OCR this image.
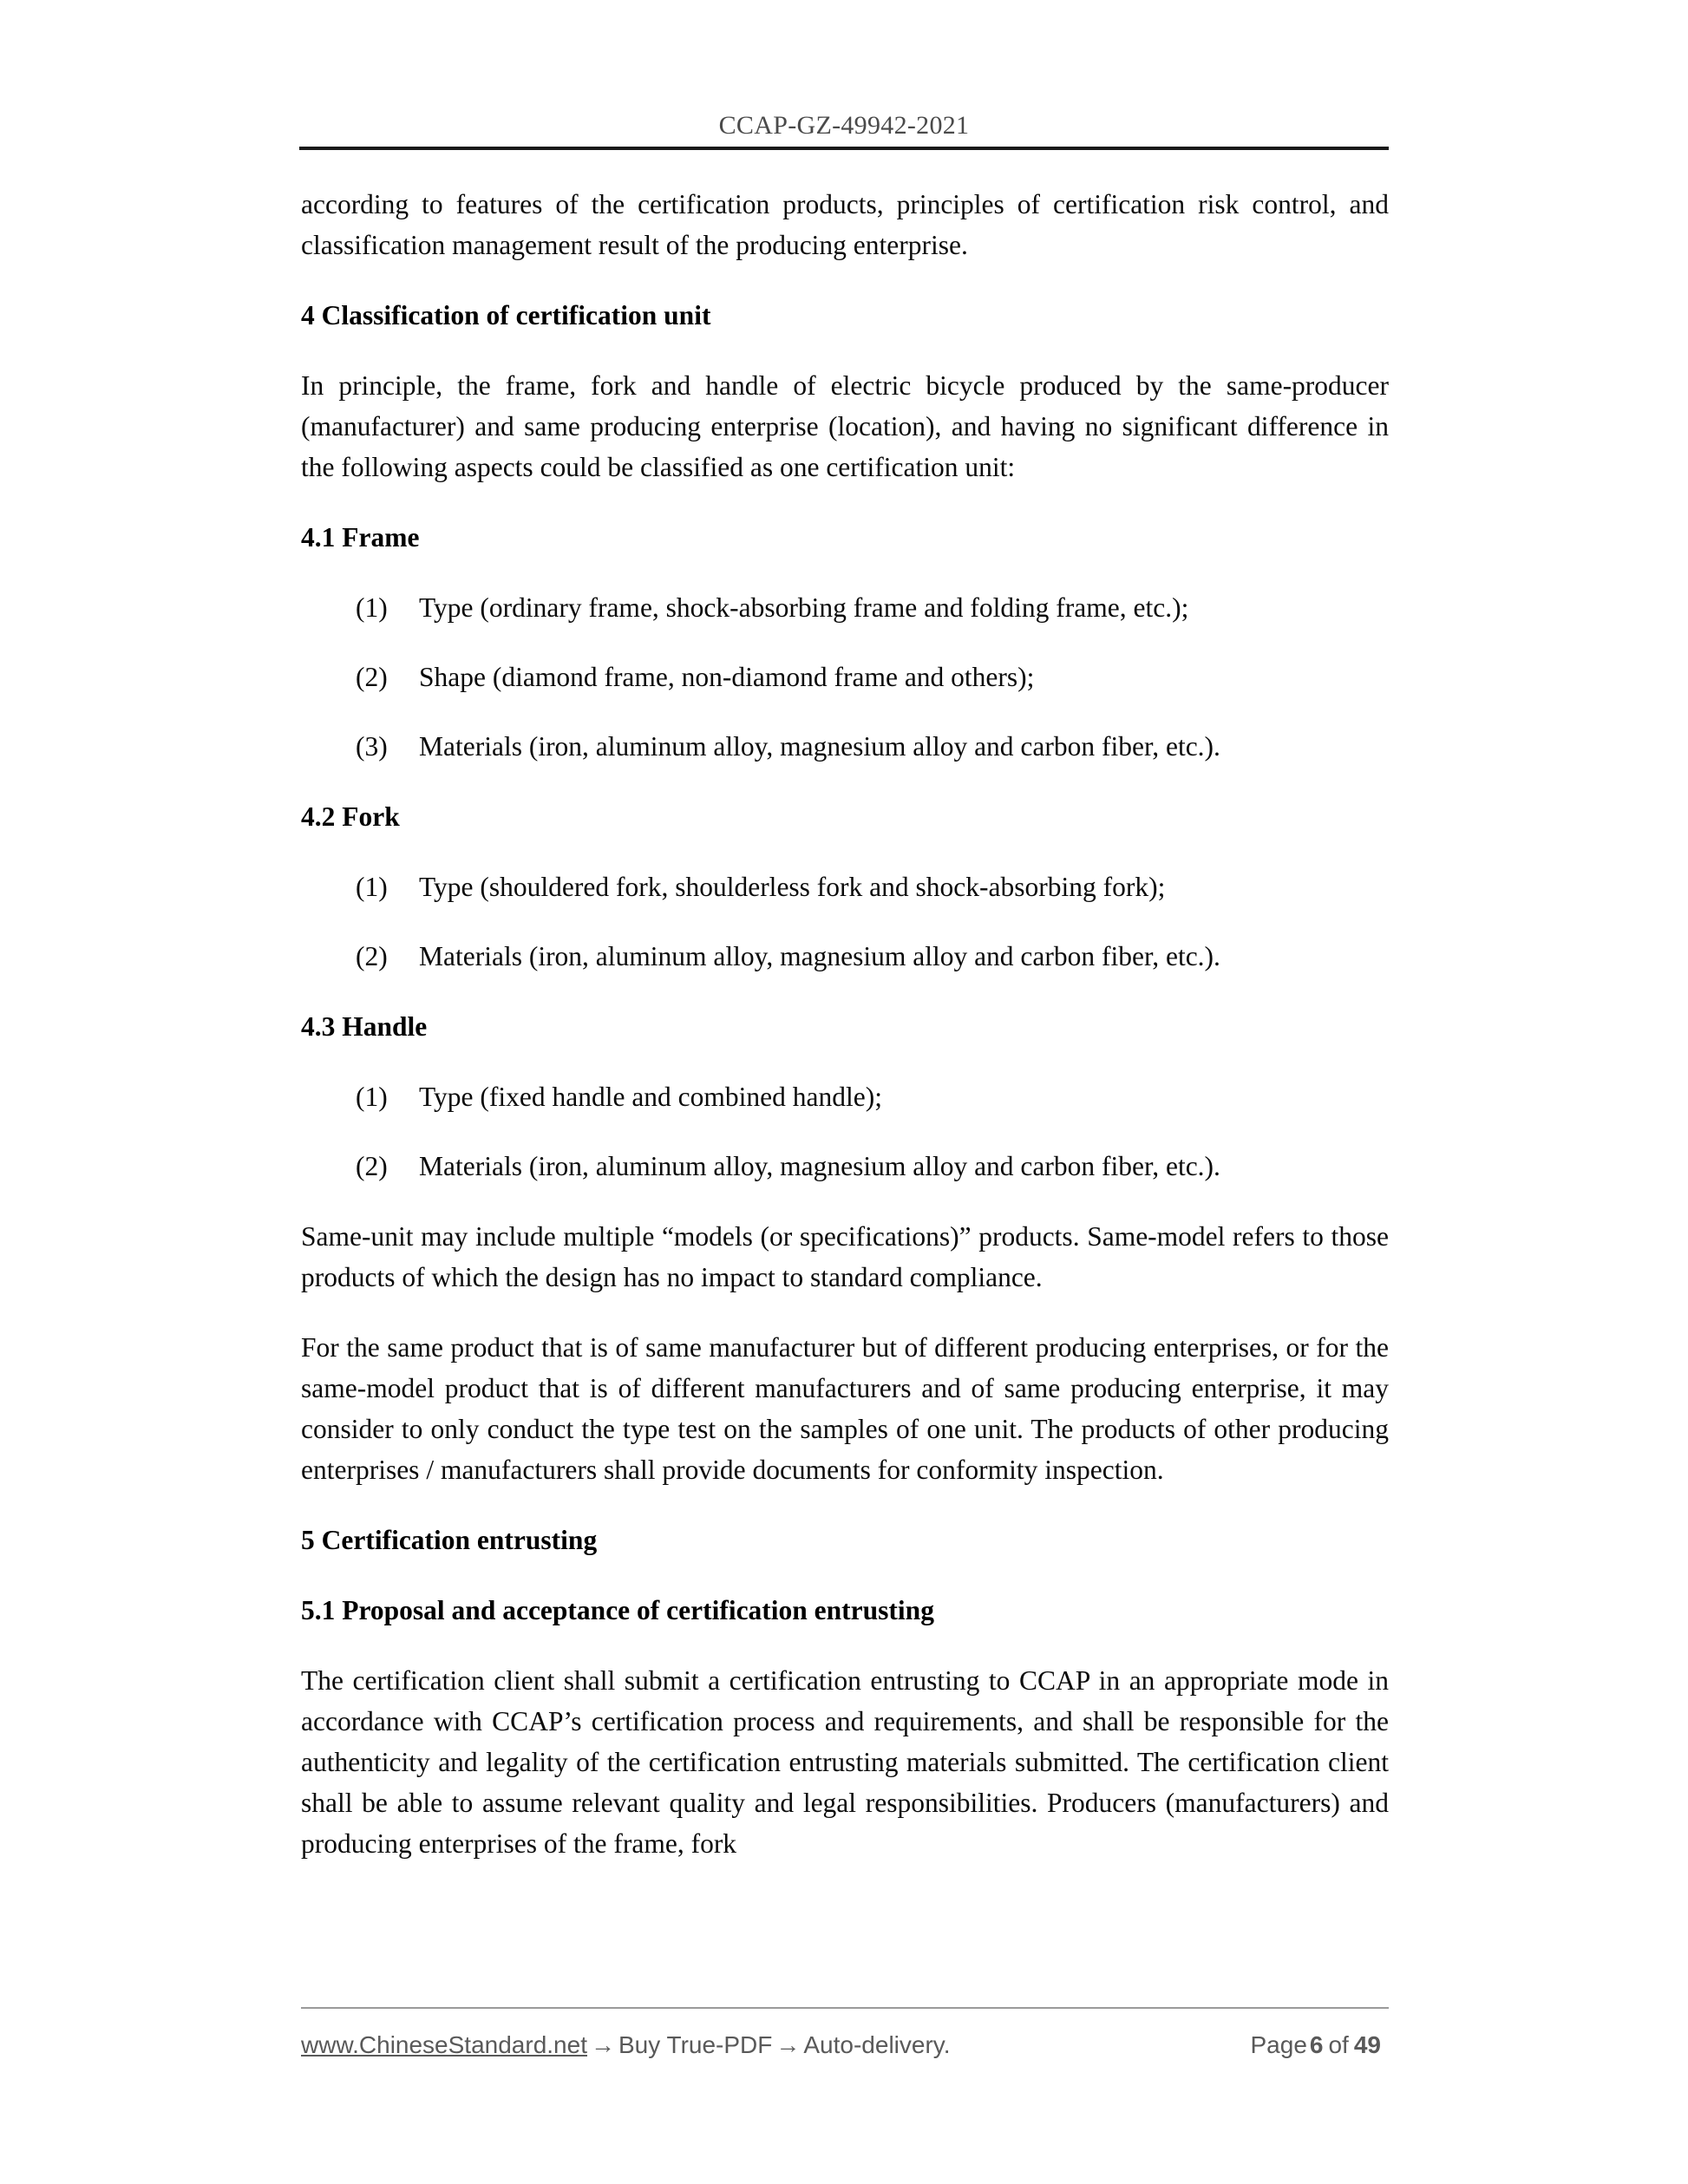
CCAP-GZ-49942-2021

according to features of the certification products, principles of certification risk control, and classification management result of the producing enterprise.

4 Classification of certification unit

In principle, the frame, fork and handle of electric bicycle produced by the same-producer (manufacturer) and same producing enterprise (location), and having no significant difference in the following aspects could be classified as one certification unit:

4.1 Frame
(1)	Type (ordinary frame, shock-absorbing frame and folding frame, etc.);
(2)	Shape (diamond frame, non-diamond frame and others);
(3)	Materials (iron, aluminum alloy, magnesium alloy and carbon fiber, etc.).
4.2 Fork
(1)	Type (shouldered fork, shoulderless fork and shock-absorbing fork);
(2)	Materials (iron, aluminum alloy, magnesium alloy and carbon fiber, etc.).
4.3 Handle
(1)	Type (fixed handle and combined handle);
(2)	Materials (iron, aluminum alloy, magnesium alloy and carbon fiber, etc.).

Same-unit may include multiple “models (or specifications)” products. Same-model refers to those products of which the design has no impact to standard compliance.

For the same product that is of same manufacturer but of different producing enterprises, or for the same-model product that is of different manufacturers and of same producing enterprise, it may consider to only conduct the type test on the samples of one unit. The products of other producing enterprises / manufacturers shall provide documents for conformity inspection.

5 Certification entrusting
5.1 Proposal and acceptance of certification entrusting

The certification client shall submit a certification entrusting to CCAP in an appropriate mode in accordance with CCAP’s certification process and requirements, and shall be responsible for the authenticity and legality of the certification entrusting materials submitted. The certification client shall be able to assume relevant quality and legal responsibilities. Producers (manufacturers) and producing enterprises of the frame, fork

www.ChineseStandard.net → Buy True-PDF → Auto-delivery.	Page 6 of 49
